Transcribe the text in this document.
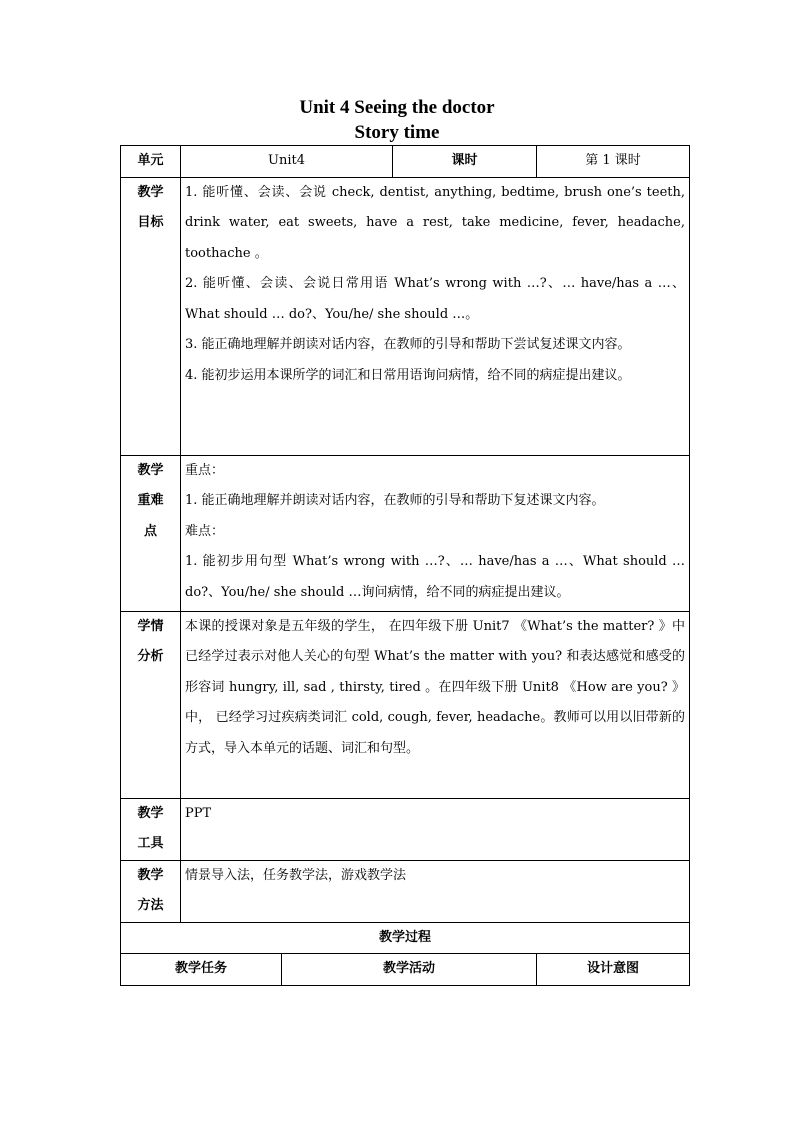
Unit 4 Seeing the doctor
Story time
单元	Unit4		课时	第 1 课时

教学
目标	1. 能听懂、会读、会说 check, dentist, anything, bedtime, brush one’s teeth, drink water, eat sweets, have a rest, take medicine, fever, headache, toothache 。
2. 能听懂、会读、会说日常用语 What’s wrong with …?、… have/has a …、What should … do?、You/he/ she should …。
3. 能正确地理解并朗读对话内容，在教师的引导和帮助下尝试复述课文内容。
4. 能初步运用本课所学的词汇和日常用语询问病情，给不同的病症提出建议。			

教学
重难
点	重点：
1. 能正确地理解并朗读对话内容，在教师的引导和帮助下复述课文内容。
难点：
1. 能初步用句型 What’s wrong with …?、… have/has a …、What should … do?、You/he/ she should …询问病情，给不同的病症提出建议。			

学情
分析	本课的授课对象是五年级的学生， 在四年级下册 Unit7 《What’s the matter? 》中已经学过表示对他人关心的句型 What’s the matter with you? 和表达感觉和感受的形容词 hungry, ill, sad , thirsty, tired 。在四年级下册 Unit8 《How are you? 》中， 已经学习过疾病类词汇 cold, cough, fever, headache。教师可以用以旧带新的方式，导入本单元的话题、词汇和句型。			

教学
工具	PPT			

教学
方法	情景导入法，任务教学法，游戏教学法			
教学过程				
教学任务		教学活动		设计意图
